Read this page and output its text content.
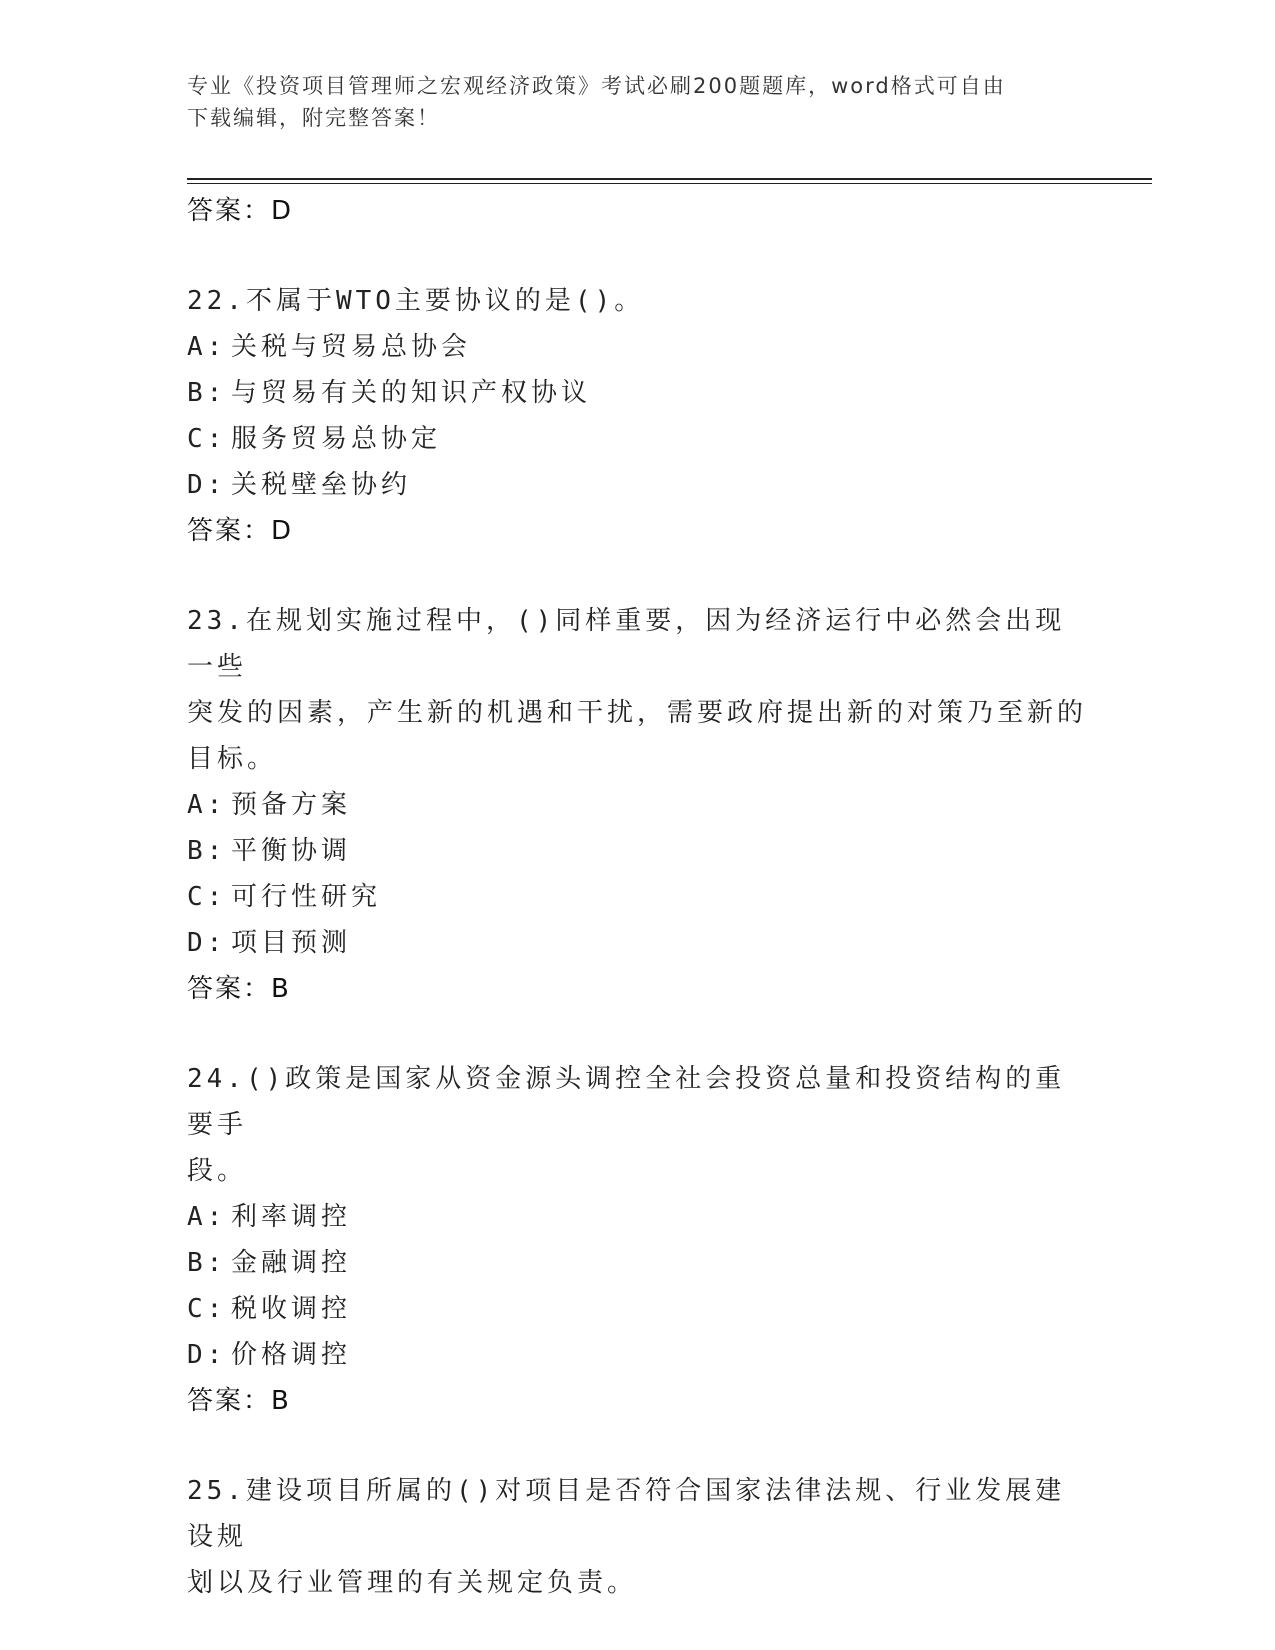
专业《投资项目管理师之宏观经济政策》考试必刷200题题库，word格式可自由
下载编辑，附完整答案！
答案：D
22.不属于WTO主要协议的是()。
A: 关税与贸易总协会
B: 与贸易有关的知识产权协议
C: 服务贸易总协定
D: 关税壁垒协约
答案：D
23.在规划实施过程中，()同样重要，因为经济运行中必然会出现一些
突发的因素，产生新的机遇和干扰，需要政府提出新的对策乃至新的
目标。
A: 预备方案
B: 平衡协调
C: 可行性研究
D: 项目预测
答案：B
24.()政策是国家从资金源头调控全社会投资总量和投资结构的重要手
段。
A: 利率调控
B: 金融调控
C: 税收调控
D: 价格调控
答案：B
25.建设项目所属的()对项目是否符合国家法律法规、行业发展建设规
划以及行业管理的有关规定负责。
